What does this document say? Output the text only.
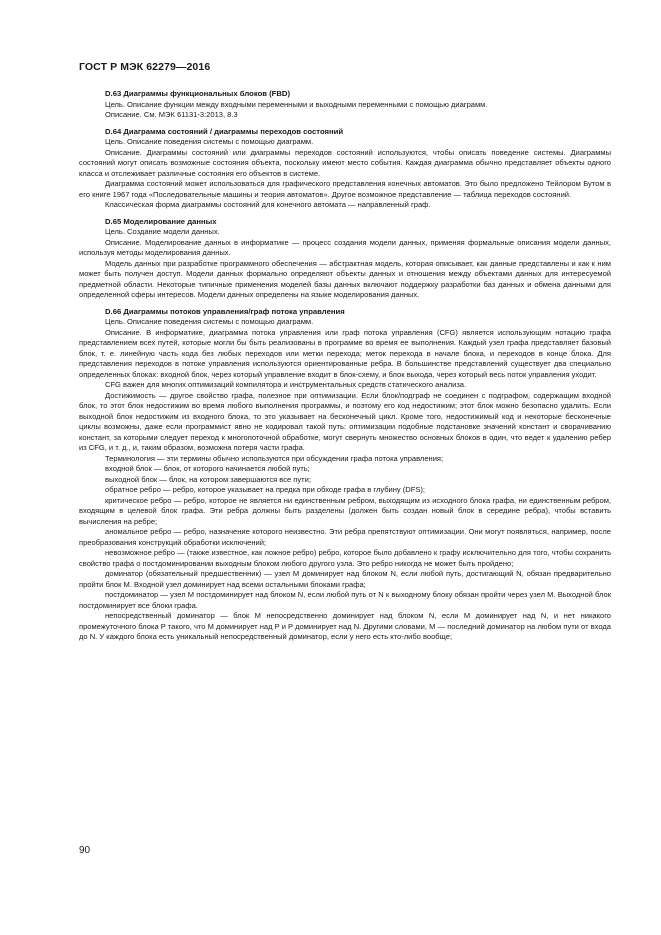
ГОСТ Р МЭК 62279—2016
D.63 Диаграммы функциональных блоков (FBD)

Цель. Описание функции между входными переменными и выходными переменными с помощью диаграмм.

Описание. См. МЭК 61131-3:2013, 8.3

D.64 Диаграмма состояний / диаграммы переходов состояний

Цель. Описание поведения системы с помощью диаграмм.

Описание. Диаграммы состояний или диаграммы переходов состояний используются, чтобы описать поведение системы. Диаграммы состояний могут описать возможные состояния объекта, поскольку имеют место события. Каждая диаграмма обычно представляет объекты одного класса и отслеживает различные состояния его объектов в системе.

Диаграмма состояний может использоваться для графического представления конечных автоматов. Это было предложено Тейлором Бутом в его книге 1967 года «Последовательные машины и теория автоматов». Другое возможное представление — таблица переходов состояний.

Классическая форма диаграммы состояний для конечного автомата — направленный граф.

D.65 Моделирование данных

Цель. Создание модели данных.

Описание. Моделирование данных в информатике — процесс создания модели данных, применяя формальные описания модели данных, используя методы моделирования данных.

Модель данных при разработке программного обеспечения — абстрактная модель, которая описывает, как данные представлены и как к ним может быть получен доступ. Модели данных формально определяют объекты данных и отношения между объектами данных для интересуемой предметной области. Некоторые типичные применения моделей базы данных включают поддержку разработки баз данных и обмена данными для определенной сферы интересов. Модели данных определены на языке моделирования данных.

D.66 Диаграммы потоков управления/граф потока управления

Цель. Описание поведения системы с помощью диаграмм.

Описание. В информатике, диаграмма потока управления или граф потока управления (CFG) является использующим нотацию графа представлением всех путей, которые могли бы быть реализованы в программе во время ее выполнения. Каждый узел графа представляет базовый блок, т. е. линейную часть кода без любых переходов или метки перехода; меток перехода в начале блока, и переходов в конце блока. Для представления переходов в потоке управления используются ориентированные ребра. В большинстве представлений существует два специально определенных блоках: входной блок, через который управление входит в блок-схему, и блок выхода, через который весь поток управления уходит.

CFG важен для многих оптимизаций компилятора и инструментальных средств статического анализа.

Достижимость — другое свойство графа, полезное при оптимизации. Если блок/подграф не соединен с подграфом, содержащим входной блок, то этот блок недостижим во время любого выполнения программы, и поэтому его код недостижим; этот блок можно безопасно удалить. Если выходной блок недостижим из входного блока, то это указывает на бесконечный цикл. Кроме того, недостижимый код и некоторые бесконечные циклы возможны, даже если программист явно не кодировал такой путь: оптимизации подобные подстановке значений констант и сворачиванию констант, за которыми следует переход к многопоточной обработке, могут свернуть множество основных блоков в один, что ведет к удалению ребер из CFG, и т. д., и, таким образом, возможна потеря части графа.

Терминология — эти термины обычно используются при обсуждении графа потока управления;

входной блок — блок, от которого начинается любой путь;

выходной блок — блок, на котором завершаются все пути;

обратное ребро — ребро, которое указывает на предка при обходе графа в глубину (DFS);

критическое ребро — ребро, которое не является ни единственным ребром, выходящим из исходного блока графа, ни единственным ребром, входящим в целевой блок графа. Эти ребра должны быть разделены (должен быть создан новый блок в середине ребра), чтобы вставить вычисления на ребре;

аномальное ребро — ребро, назначение которого неизвестно. Эти ребра препятствуют оптимизации. Они могут появляться, например, после преобразования конструкций обработки исключений;

невозможное ребро — (также известное, как ложное ребро) ребро, которое было добавлено к графу исключительно для того, чтобы сохранить свойство графа о постдоминировании выходным блоком любого другого узла. Это ребро никогда не может быть пройдено;

доминатор (обязательный предшественник) — узел M доминирует над блоком N, если любой путь, достигающий N, обязан предварительно пройти блок M. Входной узел доминирует над всеми остальными блоками графа;

постдоминатор — узел M постдоминирует над блоком N, если любой путь от N к выходному блоку обязан пройти через узел M. Выходной блок постдоминирует все блоки графа.

непосредственный доминатор — блок M непосредственно доминирует над блоком N, если M доминирует над N, и нет никакого промежуточного блока P такого, что M доминирует над P и P доминирует над N. Другими словами, M — последний доминатор на любом пути от входа до N. У каждого блока есть уникальный непосредственный доминатор, если у него есть кто-либо вообще;

90
